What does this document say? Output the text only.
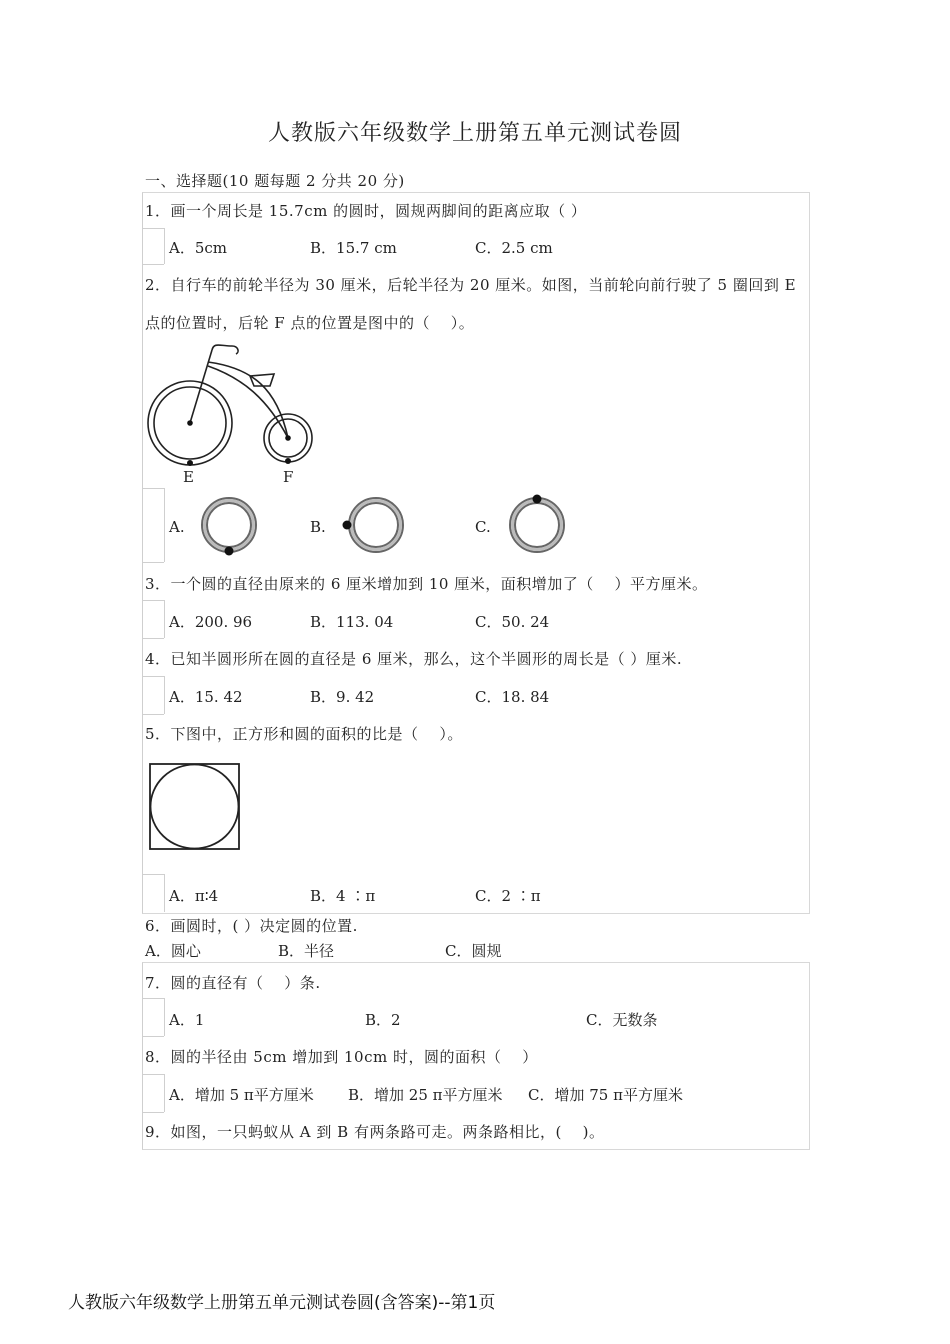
人教版六年级数学上册第五单元测试卷圆
一、选择题(10 题每题 2 分共 20 分)
1．画一个周长是 15.7cm 的圆时，圆规两脚间的距离应取（ ）
A．5cm	B．15.7 cm	C．2.5 cm
2．自行车的前轮半径为 30 厘米，后轮半径为 20 厘米。如图，当前轮向前行驶了 5 圈回到 E
点的位置时，后轮 F 点的位置是图中的（　 ）。
E	F
A.	B.	C.
3．一个圆的直径由原来的 6 厘米增加到 10 厘米，面积增加了（　 ）平方厘米。
A．200. 96	B．113. 04	C．50. 24
4．已知半圆形所在圆的直径是 6 厘米，那么，这个半圆形的周长是（ ）厘米.
A．15. 42	B．9. 42	C．18. 84
5．下图中，正方形和圆的面积的比是（　 ）。
A．π∶4	B．4 ∶π	C．2 ∶π
6．画圆时，( ）决定圆的位置.
A．圆心	B．半径	C．圆规
7．圆的直径有（　 ）条.
A．1	B．2	C．无数条
8．圆的半径由 5cm 增加到 10cm 时，圆的面积（　 ）
A．增加 5 π平方厘米 B．增加 25 π平方厘米 C．增加 75 π平方厘米
9．如图，一只蚂蚁从 A 到 B 有两条路可走。两条路相比，(　 )。
人教版六年级数学上册第五单元测试卷圆(含答案)--第1页
